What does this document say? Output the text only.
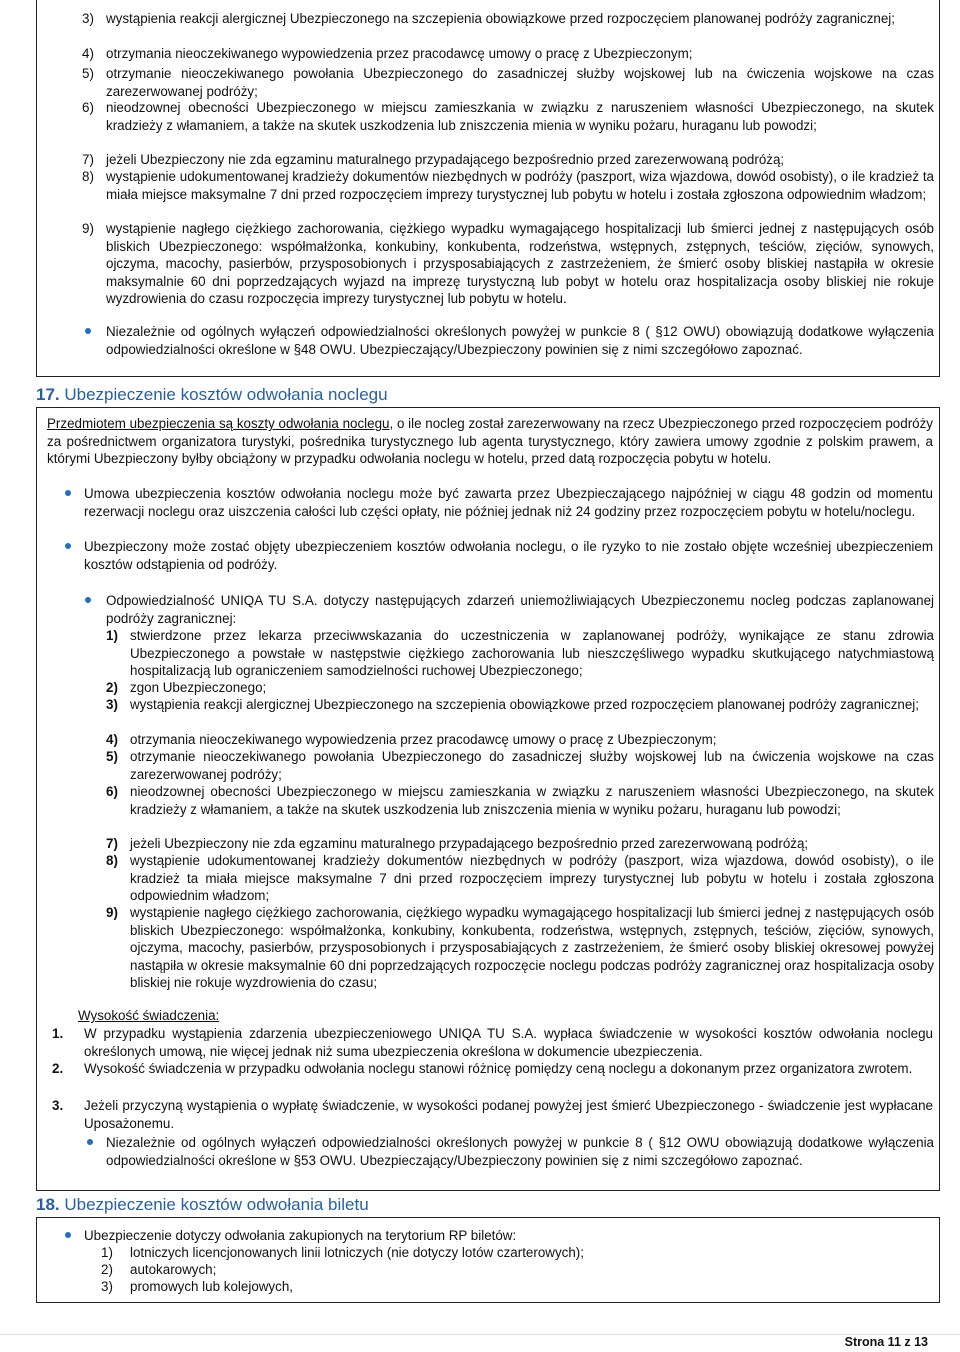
3) wystąpienia reakcji alergicznej Ubezpieczonego na szczepienia obowiązkowe przed rozpoczęciem planowanej podróży zagranicznej;
4) otrzymania nieoczekiwanego wypowiedzenia przez pracodawcę umowy o pracę z Ubezpieczonym;
5) otrzymanie nieoczekiwanego powołania Ubezpieczonego do zasadniczej służby wojskowej lub na ćwiczenia wojskowe na czas zarezerwowanej podróży;
6) nieodzownej obecności Ubezpieczonego w miejscu zamieszkania w związku z naruszeniem własności Ubezpieczonego, na skutek kradzieży z włamaniem, a także na skutek uszkodzenia lub zniszczenia mienia w wyniku pożaru, huraganu lub powodzi;
7) jeżeli Ubezpieczony nie zda egzaminu maturalnego przypadającego bezpośrednio przed zarezerwowaną podróżą;
8) wystąpienie udokumentowanej kradzieży dokumentów niezbędnych w podróży (paszport, wiza wjazdowa, dowód osobisty), o ile kradzież ta miała miejsce maksymalne 7 dni przed rozpoczęciem imprezy turystycznej lub pobytu w hotelu i została zgłoszona odpowiednim władzom;
9) wystąpienie nagłego ciężkiego zachorowania, ciężkiego wypadku wymagającego hospitalizacji lub śmierci jednej z następujących osób bliskich Ubezpieczonego: współmałżonka, konkubiny, konkubenta, rodzeństwa, wstępnych, zstępnych, teściów, zięciów, synowych, ojczyma, macochy, pasierbów, przysposobionych i przysposabiających z zastrzeżeniem, że śmierć osoby bliskiej nastąpiła w okresie maksymalnie 60 dni poprzedzających wyjazd na imprezę turystyczną lub pobyt w hotelu oraz hospitalizacja osoby bliskiej nie rokuje wyzdrowienia do czasu rozpoczęcia imprezy turystycznej lub pobytu w hotelu.
Niezależnie od ogólnych wyłączeń odpowiedzialności określonych powyżej w punkcie 8 ( §12 OWU) obowiązują dodatkowe wyłączenia odpowiedzialności określone w §48 OWU. Ubezpieczający/Ubezpieczony powinien się z nimi szczegółowo zapoznać.
17. Ubezpieczenie kosztów odwołania noclegu
Przedmiotem ubezpieczenia są koszty odwołania noclegu, o ile nocleg został zarezerwowany na rzecz Ubezpieczonego przed rozpoczęciem podróży za pośrednictwem organizatora turystyki, pośrednika turystycznego lub agenta turystycznego, który zawiera umowy zgodnie z polskim prawem, a którymi Ubezpieczony byłby obciążony w przypadku odwołania noclegu w hotelu, przed datą rozpoczęcia pobytu w hotelu.
Umowa ubezpieczenia kosztów odwołania noclegu może być zawarta przez Ubezpieczającego najpóźniej w ciągu 48 godzin od momentu rezerwacji noclegu oraz uiszczenia całości lub części opłaty, nie później jednak niż 24 godziny przez rozpoczęciem pobytu w hotelu/noclegu.
Ubezpieczony może zostać objęty ubezpieczeniem kosztów odwołania noclegu, o ile ryzyko to nie zostało objęte wcześniej ubezpieczeniem kosztów odstąpienia od podróży.
Odpowiedzialność UNIQA TU S.A. dotyczy następujących zdarzeń uniemożliwiających Ubezpieczonemu nocleg podczas zaplanowanej podróży zagranicznej:
1) stwierdzone przez lekarza przeciwwskazania do uczestniczenia w zaplanowanej podróży, wynikające ze stanu zdrowia Ubezpieczonego a powstałe w następstwie ciężkiego zachorowania lub nieszczęśliwego wypadku skutkującego natychmiastową hospitalizacją lub ograniczeniem samodzielności ruchowej Ubezpieczonego;
2) zgon Ubezpieczonego;
3) wystąpienia reakcji alergicznej Ubezpieczonego na szczepienia obowiązkowe przed rozpoczęciem planowanej podróży zagranicznej;
4) otrzymania nieoczekiwanego wypowiedzenia przez pracodawcę umowy o pracę z Ubezpieczonym;
5) otrzymanie nieoczekiwanego powołania Ubezpieczonego do zasadniczej służby wojskowej lub na ćwiczenia wojskowe na czas zarezerwowanej podróży;
6) nieodzownej obecności Ubezpieczonego w miejscu zamieszkania w związku z naruszeniem własności Ubezpieczonego, na skutek kradzieży z włamaniem, a także na skutek uszkodzenia lub zniszczenia mienia w wyniku pożaru, huraganu lub powodzi;
7) jeżeli Ubezpieczony nie zda egzaminu maturalnego przypadającego bezpośrednio przed zarezerwowaną podróżą;
8) wystąpienie udokumentowanej kradzieży dokumentów niezbędnych w podróży (paszport, wiza wjazdowa, dowód osobisty), o ile kradzież ta miała miejsce maksymalne 7 dni przed rozpoczęciem imprezy turystycznej lub pobytu w hotelu i została zgłoszona odpowiednim władzom;
9) wystąpienie nagłego ciężkiego zachorowania, ciężkiego wypadku wymagającego hospitalizacji lub śmierci jednej z następujących osób bliskich Ubezpieczonego: współmałżonka, konkubiny, konkubenta, rodzeństwa, wstępnych, zstępnych, teściów, zięciów, synowych, ojczyma, macochy, pasierbów, przysposobionych i przysposabiających z zastrzeżeniem, że śmierć osoby bliskiej okresowej powyżej nastąpiła w okresie maksymalnie 60 dni poprzedzających rozpoczęcie noclegu podczas podróży zagranicznej oraz hospitalizacja osoby bliskiej nie rokuje wyzdrowienia do czasu;
Wysokość świadczenia:
1. W przypadku wystąpienia zdarzenia ubezpieczeniowego UNIQA TU S.A. wypłaca świadczenie w wysokości kosztów odwołania noclegu określonych umową, nie więcej jednak niż suma ubezpieczenia określona w dokumencie ubezpieczenia.
2. Wysokość świadczenia w przypadku odwołania noclegu stanowi różnicę pomiędzy ceną noclegu a dokonanym przez organizatora zwrotem.
3. Jeżeli przyczyną wystąpienia o wypłatę świadczenie, w wysokości podanej powyżej jest śmierć Ubezpieczonego - świadczenie jest wypłacane Uposażonemu.
Niezależnie od ogólnych wyłączeń odpowiedzialności określonych powyżej w punkcie 8 ( §12 OWU obowiązują dodatkowe wyłączenia odpowiedzialności określone w §53 OWU. Ubezpieczający/Ubezpieczony powinien się z nimi szczegółowo zapoznać.
18. Ubezpieczenie kosztów odwołania biletu
Ubezpieczenie dotyczy odwołania zakupionych na terytorium RP biletów:
1) lotniczych licencjonowanych linii lotniczych (nie dotyczy lotów czarterowych);
2) autokarowych;
3) promowych lub kolejowych,
Strona 11 z 13
